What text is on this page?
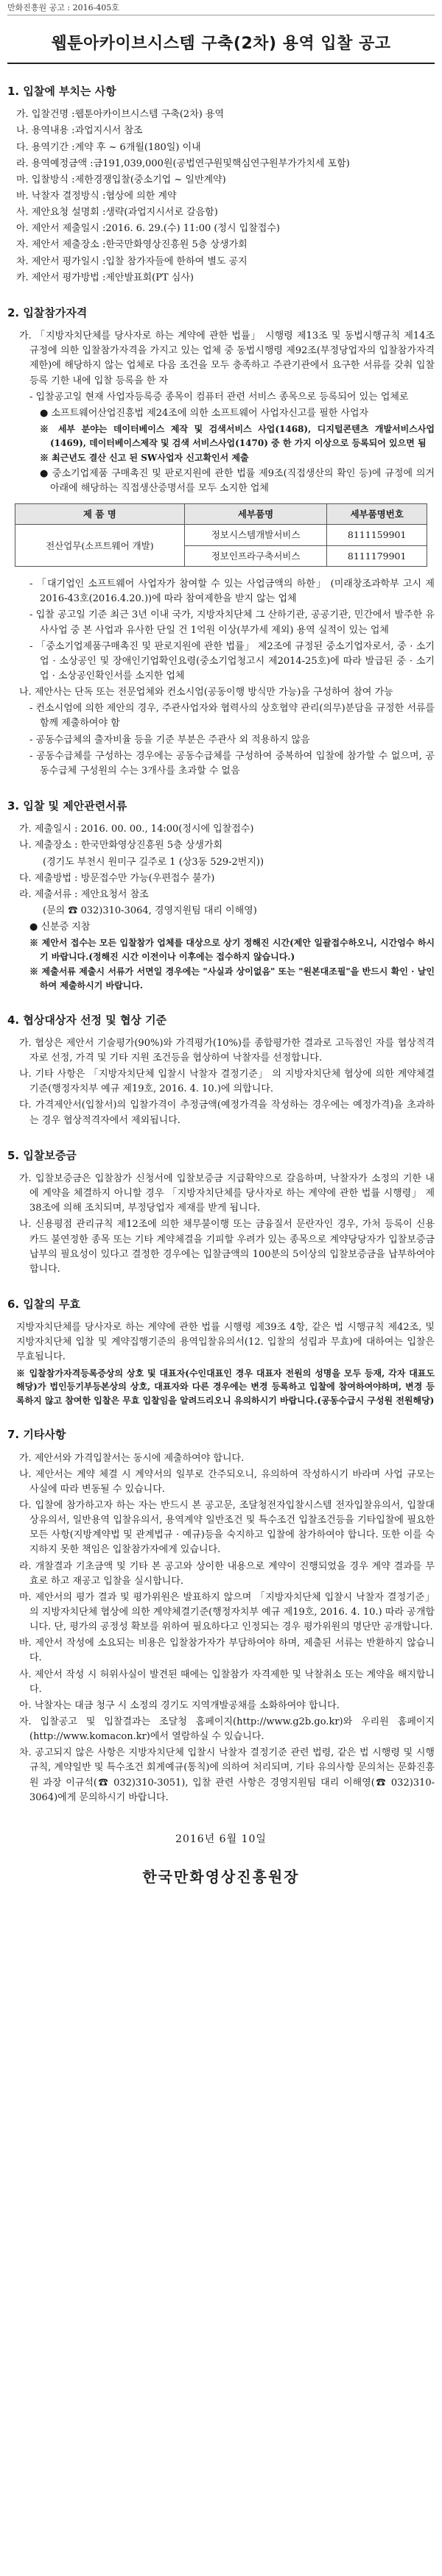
만화진흥원 공고 : 2016-405호
웹툰아카이브시스템 구축(2차) 용역 입찰 공고
1. 입찰에 부치는 사항
가. 입찰건명 : 웹툰아카이브시스템 구축(2차) 용역
나. 용역내용 : 과업지시서 참조
다. 용역기간 : 계약 후 ~ 6개월(180일) 이내
라. 용역예정금액 : 금191,039,000원(공법연구원및핵심연구원부가가치세 포함)
마. 입찰방식 : 제한경쟁입찰(중소기업 ~ 일반계약)
바. 낙찰자 결정방식 : 협상에 의한 계약
사. 제안요청 설명회 : 생략(과업지시서로 갈음함)
아. 제안서 제출일시 : 2016. 6. 29.(수) 11:00 (정시 입찰접수)
자. 제안서 제출장소 : 한국만화영상진흥원 5층 상생가회
차. 제안서 평가일시 : 입찰 참가자들에 한하여 별도 공지
카. 제안서 평가방법 : 제안발표회(PT 심사)
2. 입찰참가자격

가. 「지방자치단체를 당사자로 하는 계약에 관한 법률」 시행령 제13조 및 동법시행규칙 제14조 규정에 의한 입찰참가자격을 가지고 있는 업체 중 동법시행령 제92조(부정당업자의 입찰참가자격제한)에 해당하지 않는 업체로 다음 조건을 모두 충족하고 주관기관에서 요구한 서류를 갖춰 입찰 등록 기한 내에 입찰 등록을 한 자

- 입찰공고일 현재 사업자등록증 종목이 컴퓨터 관련 서비스 종목으로 등록되어 있는 업체로

● 소프트웨어산업진흥법 제24조에 의한 소프트웨어 사업자신고를 필한 사업자

※ 세부 분야는 데이터베이스 제작 및 검색서비스 사업(1468), 디지털콘텐츠 개발서비스사업(1469), 데이터베이스제작 및 검색 서비스사업(1470) 중 한 가지 이상으로 등록되어 있으면 됨

※ 최근년도 결산 신고 된 SW사업자 신고확인서 제출

● 중소기업제품 구매촉진 및 판로지원에 관한 법률 제9조(직접생산의 확인 등)에 규정에 의거 아래에 해당하는 직접생산증명서를 모두 소지한 업체

제 품 명	세부품명	세부품명번호
전산업무(소프트웨어 개발)	정보시스템개발서비스	8111159901
	정보인프라구축서비스	8111179901

- 「대기업인 소프트웨어 사업자가 참여할 수 있는 사업금액의 하한」 (미래창조과학부 고시 제2016-43호(2016.4.20.))에 따라 참여제한을 받지 않는 업체

- 입찰 공고일 기준 최근 3년 이내 국가, 지방자치단체 그 산하기관, 공공기관, 민간에서 발주한 유사사업 중 본 사업과 유사한 단일 건 1억원 이상(부가세 제외) 용역 실적이 있는 업체

- 「중소기업제품구매촉진 및 판로지원에 관한 법률」 제2조에 규정된 중소기업자로서, 중 · 소기업 · 소상공인 및 장애인기업확인요령(중소기업청고시 제2014-25호)에 따라 발급된 중 · 소기업 · 소상공인확인서를 소지한 업체

나. 제안사는 단독 또는 전문업체와 컨소시엄(공동이행 방식만 가능)을 구성하여 참여 가능

- 컨소시엄에 의한 제안의 경우, 주관사업자와 협력사의 상호협약 관리(의무)분담을 규정한 서류를 함께 제출하여야 함

- 공동수급체의 출자비율 등을 기준 부분은 주관사 외 적용하지 않음

- 공동수급체를 구성하는 경우에는 공동수급체를 구성하여 중복하여 입찰에 참가할 수 없으며, 공동수급체 구성원의 수는 3개사를 초과할 수 없음

3. 입찰 및 제안관련서류

가. 제출일시 : 2016. 00. 00., 14:00(정시에 입찰접수)

나. 제출장소 : 한국만화영상진흥원 5층 상생가회

(경기도 부천시 원미구 길주로 1 (상3동 529-2번지))

다. 제출방법 : 방문접수만 가능(우편접수 불가)

라. 제출서류 : 제안요청서 참조

(문의 ☎ 032)310-3064, 경영지원팀 대리 이해영)

● 신분증 지참

※ 제안서 접수는 모든 입찰참가 업체를 대상으로 상기 정해진 시간(제안 일괄접수하오니, 시간엄수 하시기 바랍니다.(정해진 시간 이전이나 이후에는 접수하지 않습니다.)

※ 제출서류 제출시 서류가 서면일 경우에는 "사실과 상이없음" 또는 "원본대조필"을 반드시 확인 · 날인하여 제출하시기 바랍니다.

4. 협상대상자 선정 및 협상 기준

가. 협상은 제안서 기술평가(90%)와 가격평가(10%)를 종합평가한 결과로 고득점인 자를 협상적격자로 선정, 가격 및 기타 지원 조건등을 협상하여 낙찰자를 선정합니다.

나. 기타 사항은 「지방자치단체 입찰시 낙찰자 결정기준」 의 지방자치단체 협상에 의한 계약체결기준(행정자치부 예규 제19호, 2016. 4. 10.)에 의합니다.

다. 가격제안서(입찰서)의 입찰가격이 추정금액(예정가격을 작성하는 경우에는 예정가격)을 초과하는 경우 협상적격자에서 제외됩니다.

5. 입찰보증금

가. 입찰보증금은 입찰참가 신청서에 입찰보증금 지급확약으로 갈음하며, 낙찰자가 소정의 기한 내에 계약을 체결하지 아니할 경우 「지방자치단체를 당사자로 하는 계약에 관한 법률 시행령」 제 38조에 의해 조치되며, 부정당업자 제재를 받게 됩니다.

나. 신용평점 관리규칙 제12조에 의한 채무불이행 또는 금융질서 문란자인 경우, 가처 등록이 신용카드 불연정한 종목 또는 기타 계약체결을 기피할 우려가 있는 종목으로 계약당당자가 입찰보증금 납부의 필요성이 있다고 결정한 경우에는 입찰금액의 100분의 5이상의 입찰보증금을 납부하여야 합니다.

6. 입찰의 무효

지방자치단체를 당사자로 하는 계약에 관한 법률 시행령 제39조 4항, 같은 법 시행규칙 제42조, 및 지방자치단체 입찰 및 계약집행기준의 용역입찰유의서(12. 입찰의 성립과 무효)에 대하여는 입찰은 무효됩니다.

※ 입찰참가자격등록증상의 상호 및 대표자(수인대표인 경우 대표자 전원의 성명을 모두 등재, 각자 대표도 해당)가 법인등기부등본상의 상호, 대표자와 다른 경우에는 변경 등록하고 입찰에 참여하여야하며, 변경 등록하지 않고 참여한 입찰은 무효 입찰임을 알려드리오니 유의하시기 바랍니다.(공동수급시 구성원 전원해당)

7. 기타사항

가. 제안서와 가격입찰서는 동시에 제출하여야 합니다.

나. 제안서는 계약 체결 시 계약서의 일부로 간주되오니, 유의하여 작성하시기 바라며 사업 규모는 사실에 따라 변동될 수 있습니다.

다. 입찰에 참가하고자 하는 자는 반드시 본 공고문, 조달청전자입찰시스템 전자입찰유의서, 입찰대상유의서, 일반용역 입찰유의서, 용역계약 일반조건 및 특수조건 입찰조건등을 기타입찰에 필요한 모든 사항(지방계약법 및 관계법규 · 예규)등을 숙지하고 입찰에 참가하여야 합니다. 또한 이를 숙지하지 못한 책임은 입찰참가자에게 있습니다.

라. 개찰결과 기초금액 및 기타 본 공고와 상이한 내용으로 계약이 진행되었을 경우 계약 결과를 무효로 하고 재공고 입찰을 실시합니다.

마. 제안서의 평가 결과 및 평가위원은 발표하지 않으며 「지방자치단체 입찰시 낙찰자 결정기준」 의 지방자치단체 협상에 의한 계약체결기준(행정자치부 예규 제19호, 2016. 4. 10.) 따라 공개합니다. 단, 평가의 공정성 확보를 위하여 필요하다고 인정되는 경우 평가위원의 명단만 공개합니다.

바. 제안서 작성에 소요되는 비용은 입찰참가자가 부담하여야 하며, 제출된 서류는 반환하지 않습니다.

사. 제안서 작성 시 허위사실이 발견된 때에는 입찰참가 자격제한 및 낙찰취소 또는 계약을 해지합니다.

아. 낙찰자는 대금 청구 시 소정의 경기도 지역개발공채를 소화하여야 합니다.

자. 입찰공고 및 입찰결과는 조달청 홈페이지(http://www.g2b.go.kr)와 우리원 홈페이지(http://www.komacon.kr)에서 열람하실 수 있습니다.

차. 공고되지 않은 사항은 지방자치단체 입찰시 낙찰자 결정기준 관련 법령, 같은 법 시행령 및 시행규칙, 계약일반 및 특수조건 회계예규(통칙)에 의하여 처리되며, 기타 유의사항 문의처는 문화진흥원 과장 이규석(☎ 032)310-3051), 입찰 관련 사항은 경영지원팀 대리 이해영(☎ 032)310-3064)에게 문의하시기 바랍니다.

2016년 6월 10일
한국만화영상진흥원장
